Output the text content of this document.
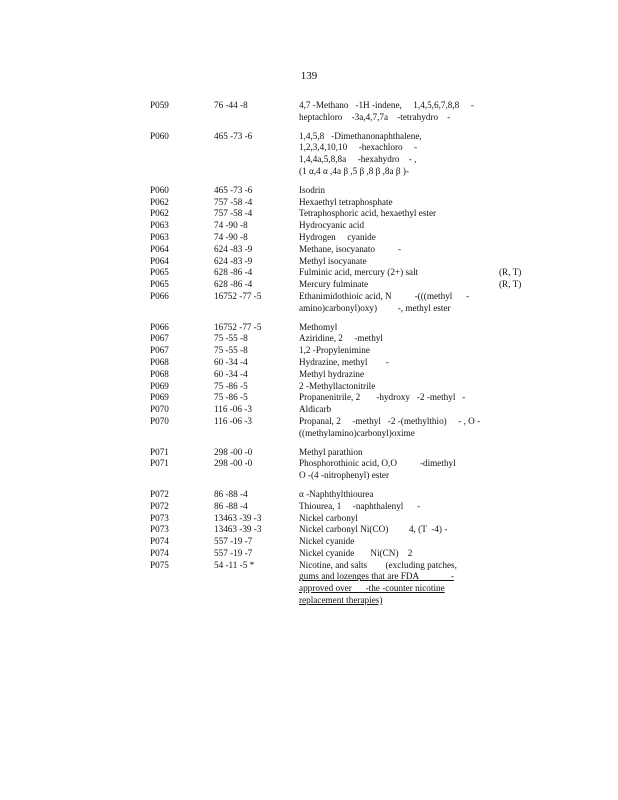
139
P059	76 -44 -8	4,7 -Methano   -1H -indene,     1,4,5,6,7,8,8     -
heptachloro    -3a,4,7,7a    -tetrahydro    -
P060	465 -73 -6	1,4,5,8   -Dimethanonaphthalene,
1,2,3,4,10,10     -hexachloro     -
1,4,4a,5,8,8a     -hexahydro    - ,
(1 α,4 α ,4a β ,5 β ,8 β ,8a β )-
P060	465 -73 -6	Isodrin
P062	757 -58 -4	Hexaethyl tetraphosphate
P062	757 -58 -4	Tetraphosphoric acid, hexaethyl ester
P063	74 -90 -8	Hydrocyanic acid
P063	74 -90 -8	Hydrogen     cyanide
P064	624 -83 -9	Methane, isocyanato          -
P064	624 -83 -9	Methyl isocyanate
P065	628 -86 -4	Fulminic acid, mercury (2+) salt	(R, T)
P065	628 -86 -4	Mercury fulminate	(R, T)
P066	16752 -77 -5	Ethanimidothioic acid, N          -(((methyl      -
amino)carbonyl)oxy)         -, methyl ester
P066	16752 -77 -5	Methomyl
P067	75 -55 -8	Aziridine, 2     -methyl
P067	75 -55 -8	1,2 -Propylenimine
P068	60 -34 -4	Hydrazine, methyl        -
P068	60 -34 -4	Methyl hydrazine
P069	75 -86 -5	2 -Methyllactonitrile
P069	75 -86 -5	Propanenitrile, 2       -hydroxy   -2 -methyl   -
P070	116 -06 -3	Aldicarb
P070	116 -06 -3	Propanal, 2     -methyl   -2 -(methylthio)     - , O -
((methylamino)carbonyl)oxime
P071	298 -00 -0	Methyl parathion
P071	298 -00 -0	Phosphorothioic acid, O,O          -dimethyl
O -(4 -nitrophenyl) ester
P072	86 -88 -4	α -Naphthylthiourea
P072	86 -88 -4	Thiourea, 1     -naphthalenyl      -
P073	13463 -39 -3	Nickel carbonyl
P073	13463 -39 -3	Nickel carbonyl Ni(CO)         4, (T  -4) -
P074	557 -19 -7	Nickel cyanide
P074	557 -19 -7	Nickel cyanide       Ni(CN)    2
P075	54 -11 -5 *	Nicotine, and salts        (excluding patches,
gums and lozenges that are FDA              -
approved over      -the -counter nicotine
replacement therapies)
